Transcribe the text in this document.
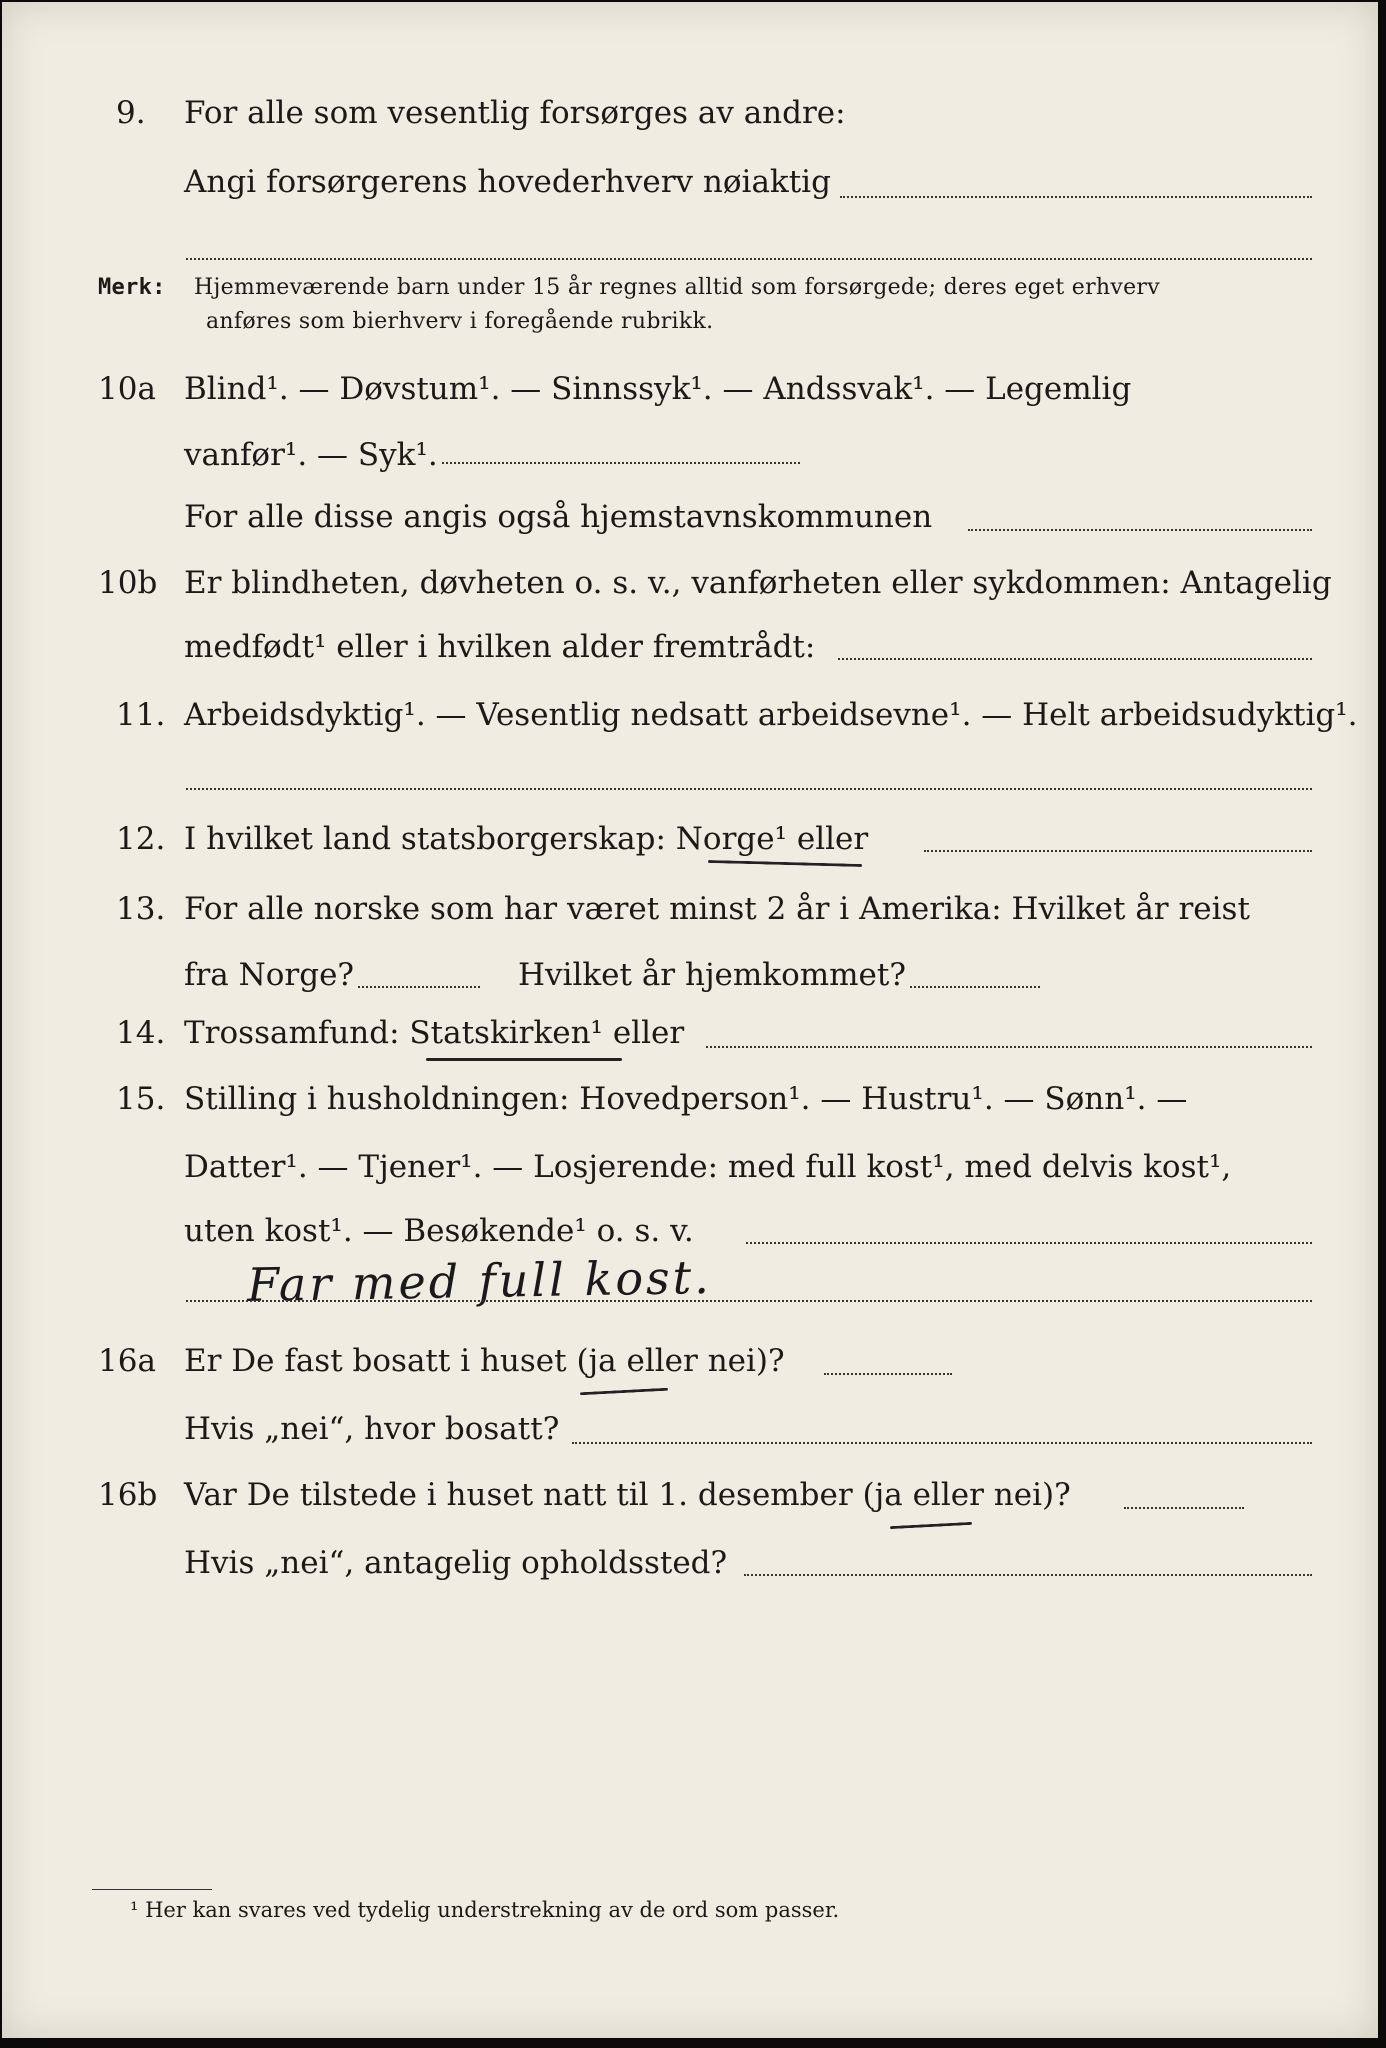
9. For alle som vesentlig forsørges av andre:
Angi forsørgerens hovederhverv nøiaktig
Merk: Hjemmeværende barn under 15 år regnes alltid som forsørgede; deres eget erhverv
anføres som bierhverv i foregående rubrikk.
10a Blind¹. — Døvstum¹. — Sinnssyk¹. — Andssvak¹. — Legemlig
vanfør¹. — Syk¹.
For alle disse angis også hjemstavnskommunen
10b Er blindheten, døvheten o. s. v., vanførheten eller sykdommen: Antagelig
medfødt¹ eller i hvilken alder fremtrådt:
11. Arbeidsdyktig¹. — Vesentlig nedsatt arbeidsevne¹. — Helt arbeidsudyktig¹.
12. I hvilket land statsborgerskap: Norge¹ eller
13. For alle norske som har været minst 2 år i Amerika: Hvilket år reist
fra Norge?	Hvilket år hjemkommet?
14. Trossamfund: Statskirken¹ eller
15. Stilling i husholdningen: Hovedperson¹. — Hustru¹. — Sønn¹. —
Datter¹. — Tjener¹. — Losjerende: med full kost¹, med delvis kost¹,
uten kost¹. — Besøkende¹ o. s. v.
Far med full kost.
16a Er De fast bosatt i huset (ja eller nei)?
Hvis „nei“, hvor bosatt?
16b Var De tilstede i huset natt til 1. desember (ja eller nei)?
Hvis „nei“, antagelig opholdssted?
¹ Her kan svares ved tydelig understrekning av de ord som passer.
